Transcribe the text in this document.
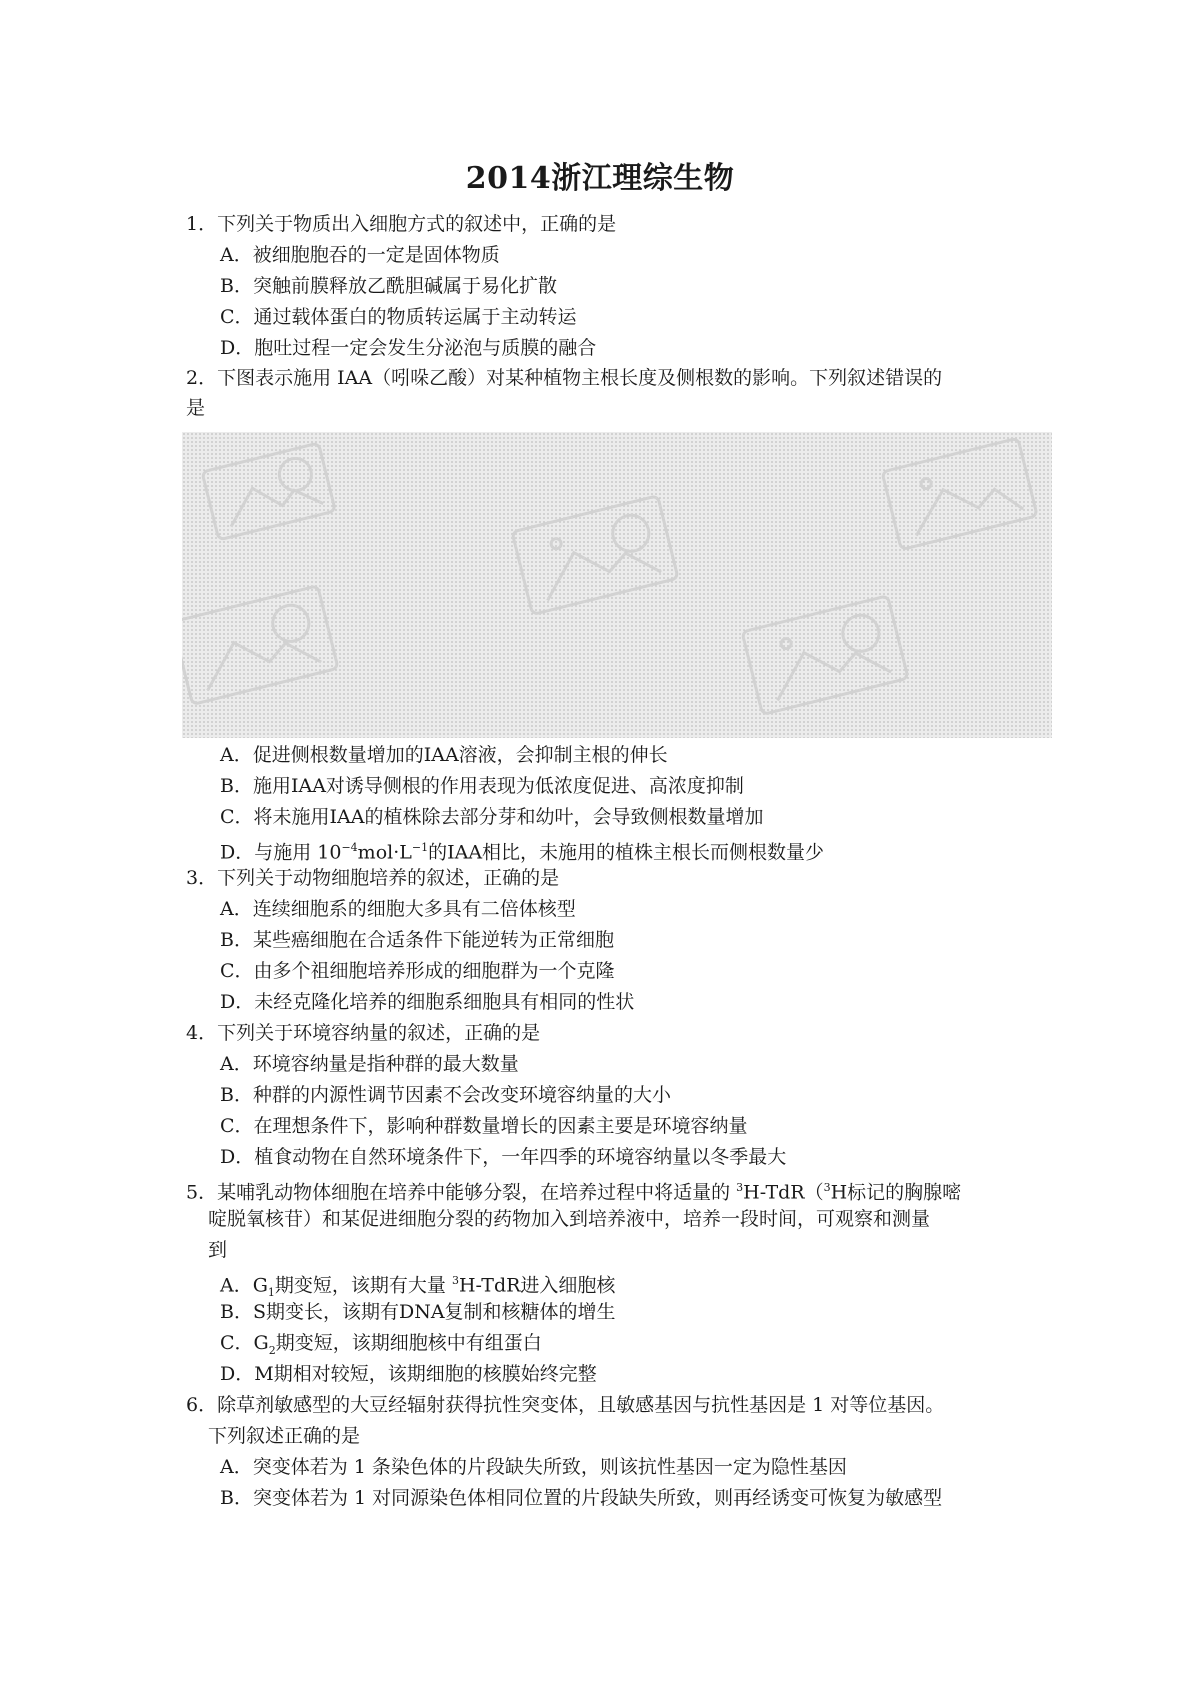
2014浙江理综生物
1．下列关于物质出入细胞方式的叙述中，正确的是
A．被细胞胞吞的一定是固体物质
B．突触前膜释放乙酰胆碱属于易化扩散
C．通过载体蛋白的物质转运属于主动转运
D．胞吐过程一定会发生分泌泡与质膜的融合
2．下图表示施用 IAA（吲哚乙酸）对某种植物主根长度及侧根数的影响。下列叙述错误的
是
A．促进侧根数量增加的IAA溶液，会抑制主根的伸长
B．施用IAA对诱导侧根的作用表现为低浓度促进、高浓度抑制
C．将未施用IAA的植株除去部分芽和幼叶，会导致侧根数量增加
D．与施用 $10^{-4}mol\cdot L^{-1}$的IAA相比，未施用的植株主根长而侧根数量少
3．下列关于动物细胞培养的叙述，正确的是
A．连续细胞系的细胞大多具有二倍体核型
B．某些癌细胞在合适条件下能逆转为正常细胞
C．由多个祖细胞培养形成的细胞群为一个克隆
D．未经克隆化培养的细胞系细胞具有相同的性状
4．下列关于环境容纳量的叙述，正确的是
A．环境容纳量是指种群的最大数量
B．种群的内源性调节因素不会改变环境容纳量的大小
C．在理想条件下，影响种群数量增长的因素主要是环境容纳量
D．植食动物在自然环境条件下，一年四季的环境容纳量以冬季最大
5．某哺乳动物体细胞在培养中能够分裂，在培养过程中将适量的 $^3$H-TdR（$^3$H标记的胸腺嘧
啶脱氧核苷）和某促进细胞分裂的药物加入到培养液中，培养一段时间，可观察和测量
到
A．$G_1$期变短，该期有大量 $^3$H-TdR进入细胞核
B．S期变长，该期有DNA复制和核糖体的增生
C．$G_2$期变短，该期细胞核中有组蛋白
D．M期相对较短，该期细胞的核膜始终完整
6．除草剂敏感型的大豆经辐射获得抗性突变体，且敏感基因与抗性基因是 1 对等位基因。
下列叙述正确的是
A．突变体若为 1 条染色体的片段缺失所致，则该抗性基因一定为隐性基因
B．突变体若为 1 对同源染色体相同位置的片段缺失所致，则再经诱变可恢复为敏感型
